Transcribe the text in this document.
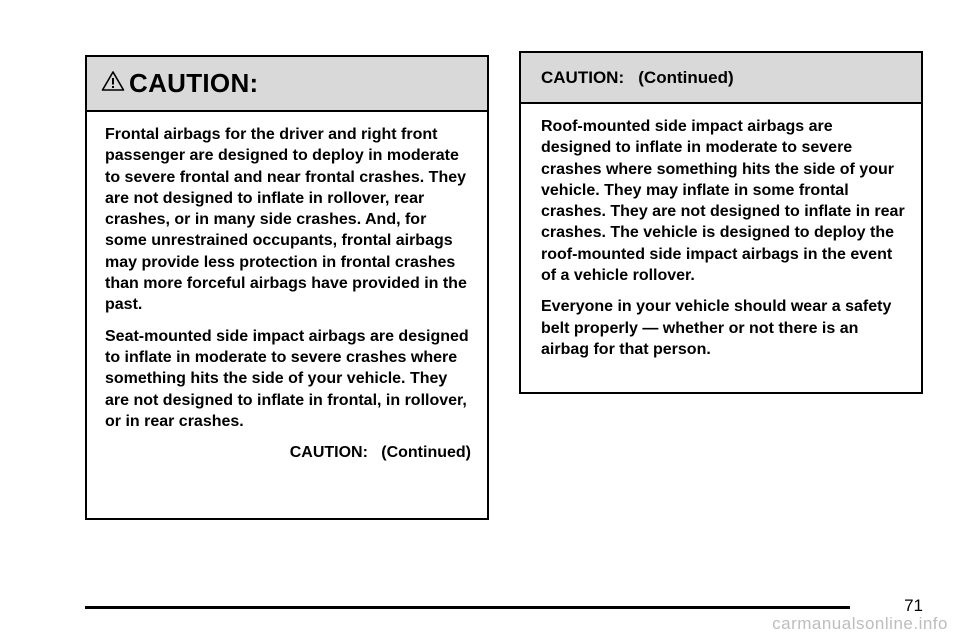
CAUTION:

Frontal airbags for the driver and right front passenger are designed to deploy in moderate to severe frontal and near frontal crashes. They are not designed to inflate in rollover, rear crashes, or in many side crashes. And, for some unrestrained occupants, frontal airbags may provide less protection in frontal crashes than more forceful airbags have provided in the past.

Seat-mounted side impact airbags are designed to inflate in moderate to severe crashes where something hits the side of your vehicle. They are not designed to inflate in frontal, in rollover, or in rear crashes.

CAUTION:   (Continued)
CAUTION:   (Continued)

Roof-mounted side impact airbags are designed to inflate in moderate to severe crashes where something hits the side of your vehicle. They may inflate in some frontal crashes. They are not designed to inflate in rear crashes. The vehicle is designed to deploy the roof-mounted side impact airbags in the event of a vehicle rollover.

Everyone in your vehicle should wear a safety belt properly — whether or not there is an airbag for that person.

71
carmanualsonline.info
